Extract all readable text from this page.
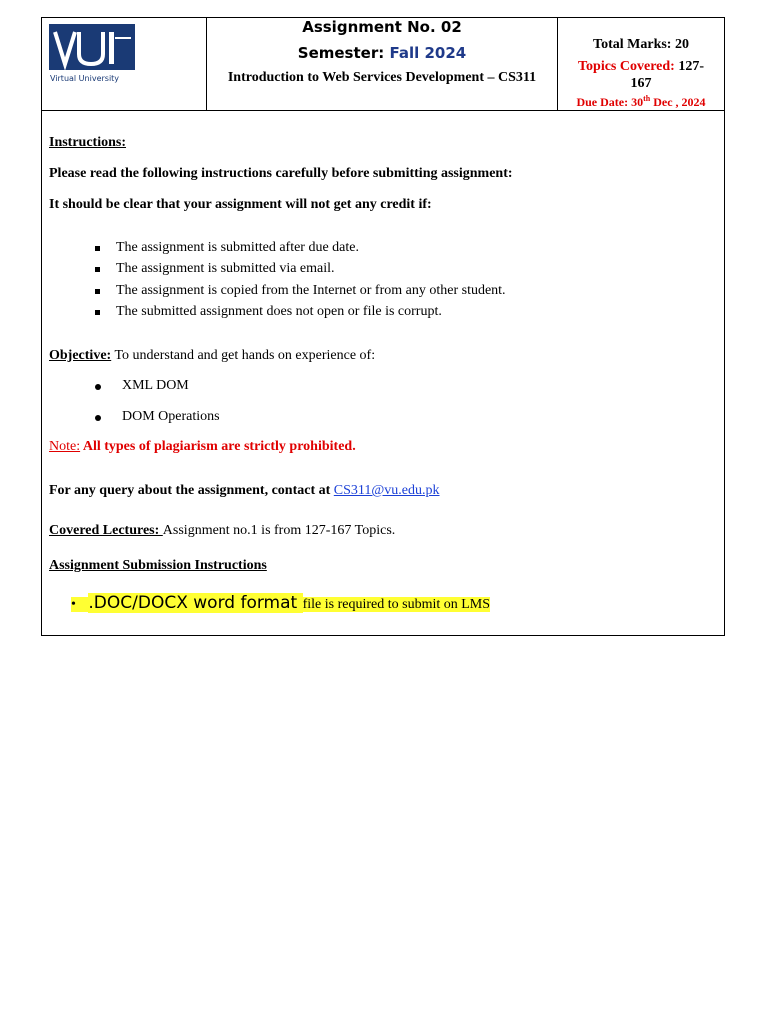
Virtual University
Assignment No. 02
Semester: Fall 2024
Introduction to Web Services Development – CS311
Total Marks: 20
Topics Covered: 127-
167
Due Date: 30th Dec , 2024
Instructions:
Please read the following instructions carefully before submitting assignment:
It should be clear that your assignment will not get any credit if:
The assignment is submitted after due date.
The assignment is submitted via email.
The assignment is copied from the Internet or from any other student.
The submitted assignment does not open or file is corrupt.
Objective: To understand and get hands on experience of:
XML DOM
DOM Operations
Note: All types of plagiarism are strictly prohibited.
For any query about the assignment, contact at CS311@vu.edu.pk
Covered Lectures: Assignment no.1 is from 127-167 Topics.
Assignment Submission Instructions
•   .DOC/DOCX word format file is required to submit on LMS
